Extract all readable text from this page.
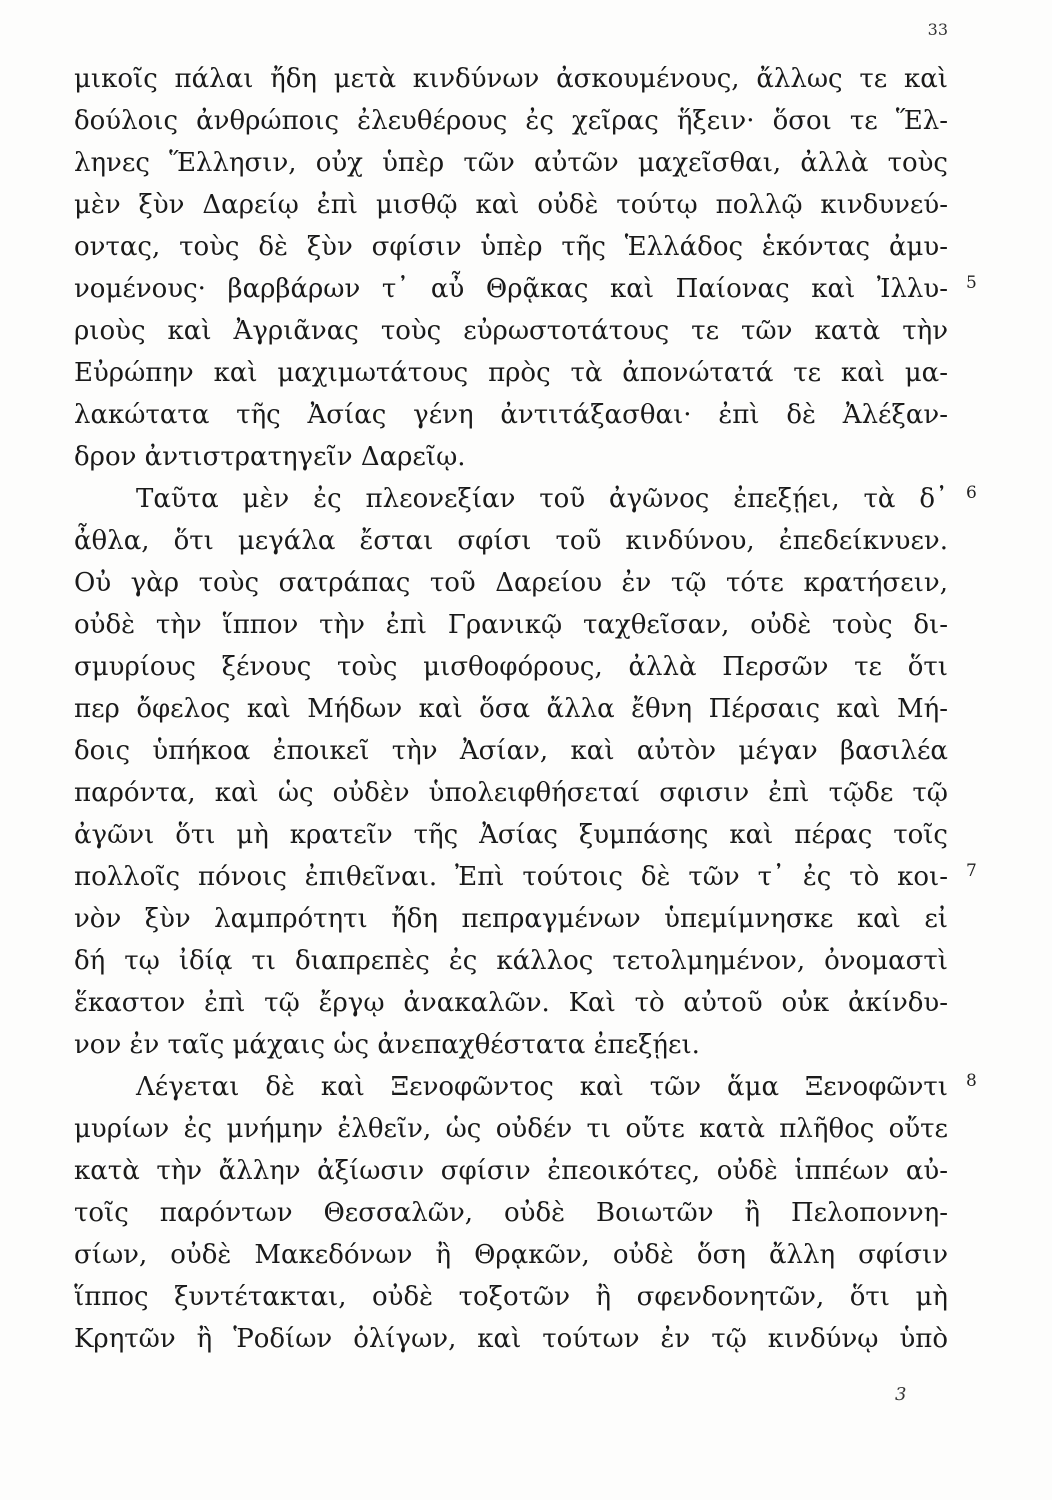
33
μικοῖς πάλαι ἤδη μετὰ κινδύνων ἀσκουμένους, ἄλλως τε καὶ
δούλοις ἀνθρώποις ἐλευθέρους ἐς χεῖρας ἥξειν· ὅσοι τε Ἕλ-
ληνες Ἕλλησιν, οὐχ ὑπὲρ τῶν αὐτῶν μαχεῖσθαι, ἀλλὰ τοὺς
μὲν ξὺν Δαρείῳ ἐπὶ μισθῷ καὶ οὐδὲ τούτῳ πολλῷ κινδυνεύ-
οντας, τοὺς δὲ ξὺν σφίσιν ὑπὲρ τῆς Ἑλλάδος ἑκόντας ἀμυ-
νομένους· βαρβάρων τ᾽ αὖ Θρᾷκας καὶ Παίονας καὶ Ἰλλυ- 5
ριοὺς καὶ Ἀγριᾶνας τοὺς εὐρωστοτάτους τε τῶν κατὰ τὴν
Εὐρώπην καὶ μαχιμωτάτους πρὸς τὰ ἀπονώτατά τε καὶ μα-
λακώτατα τῆς Ἀσίας γένη ἀντιτάξασθαι· ἐπὶ δὲ Ἀλέξαν-
δρον ἀντιστρατηγεῖν Δαρεῖῳ.
Ταῦτα μὲν ἐς πλεονεξίαν τοῦ ἀγῶνος ἐπεξῄει, τὰ δ᾽ 6
ἆθλα, ὅτι μεγάλα ἔσται σφίσι τοῦ κινδύνου, ἐπεδείκνυεν.
Οὐ γὰρ τοὺς σατράπας τοῦ Δαρείου ἐν τῷ τότε κρατήσειν,
οὐδὲ τὴν ἵππον τὴν ἐπὶ Γρανικῷ ταχθεῖσαν, οὐδὲ τοὺς δι-
σμυρίους ξένους τοὺς μισθοφόρους, ἀλλὰ Περσῶν τε ὅτι
περ ὄφελος καὶ Μήδων καὶ ὅσα ἄλλα ἔθνη Πέρσαις καὶ Μή-
δοις ὑπήκοα ἐποικεῖ τὴν Ἀσίαν, καὶ αὐτὸν μέγαν βασιλέα
παρόντα, καὶ ὡς οὐδὲν ὑπολειφθήσεταί σφισιν ἐπὶ τῷδε τῷ
ἀγῶνι ὅτι μὴ κρατεῖν τῆς Ἀσίας ξυμπάσης καὶ πέρας τοῖς
πολλοῖς πόνοις ἐπιθεῖναι. Ἐπὶ τούτοις δὲ τῶν τ᾽ ἐς τὸ κοι- 7
νὸν ξὺν λαμπρότητι ἤδη πεπραγμένων ὑπεμίμνησκε καὶ εἰ
δή τῳ ἰδίᾳ τι διαπρεπὲς ἐς κάλλος τετολμημένον, ὀνομαστὶ
ἕκαστον ἐπὶ τῷ ἔργῳ ἀνακαλῶν. Καὶ τὸ αὐτοῦ οὐκ ἀκίνδυ-
νον ἐν ταῖς μάχαις ὡς ἀνεπαχθέστατα ἐπεξῄει.
Λέγεται δὲ καὶ Ξενοφῶντος καὶ τῶν ἅμα Ξενοφῶντι 8
μυρίων ἐς μνήμην ἐλθεῖν, ὡς οὐδέν τι οὔτε κατὰ πλῆθος οὔτε
κατὰ τὴν ἄλλην ἀξίωσιν σφίσιν ἐπεοικότες, οὐδὲ ἱππέων αὐ-
τοῖς παρόντων Θεσσαλῶν, οὐδὲ Βοιωτῶν ἢ Πελοποννη-
σίων, οὐδὲ Μακεδόνων ἢ Θρᾳκῶν, οὐδὲ ὅση ἄλλη σφίσιν
ἵππος ξυντέτακται, οὐδὲ τοξοτῶν ἢ σφενδονητῶν, ὅτι μὴ
Κρητῶν ἢ Ῥοδίων ὀλίγων, καὶ τούτων ἐν τῷ κινδύνῳ ὑπὸ
3
